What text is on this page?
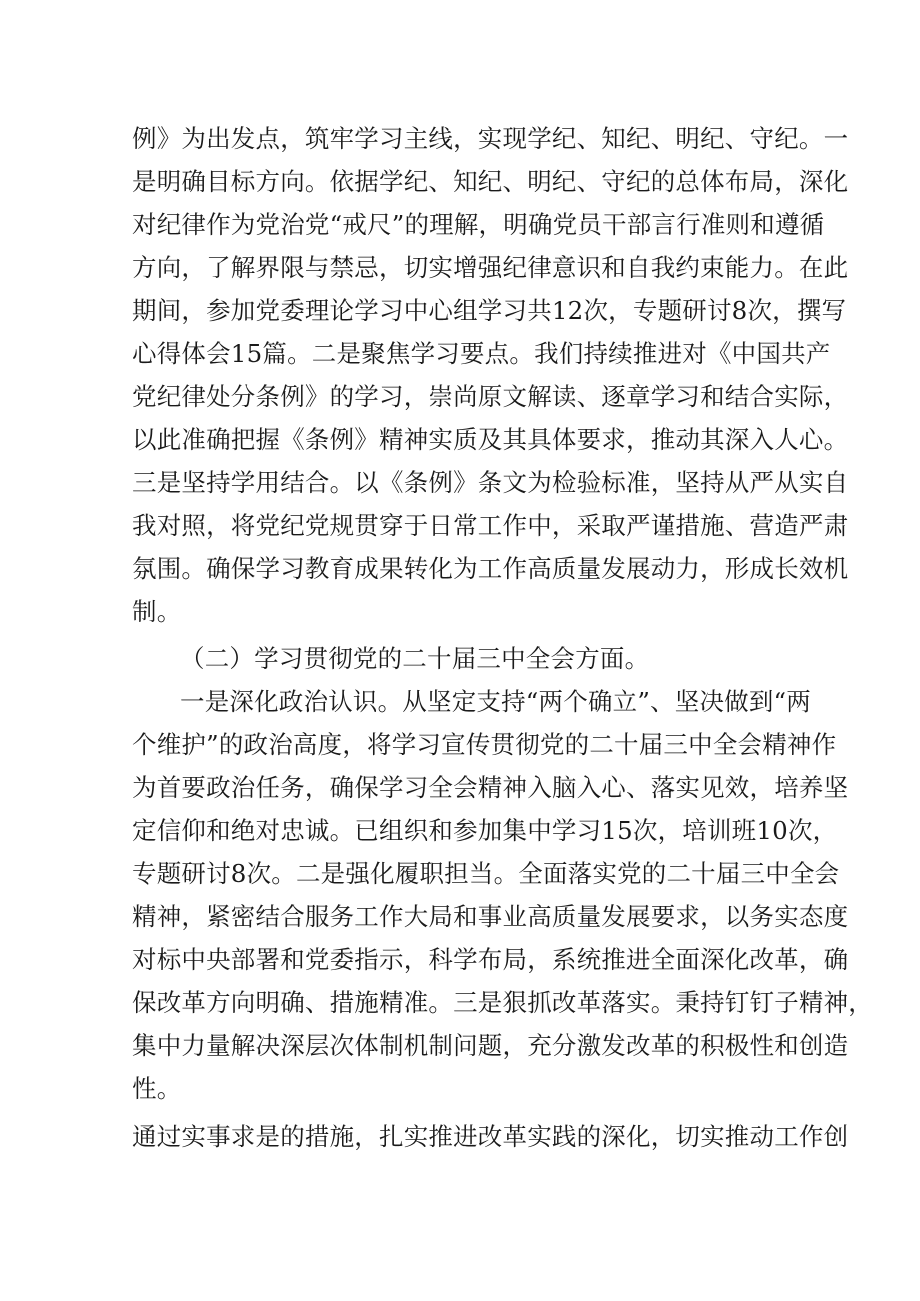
例》为出发点，筑牢学习主线，实现学纪、知纪、明纪、守纪。一
是明确目标方向。依据学纪、知纪、明纪、守纪的总体布局，深化
对纪律作为党治党“戒尺”的理解，明确党员干部言行准则和遵循
方向，了解界限与禁忌，切实增强纪律意识和自我约束能力。在此
期间，参加党委理论学习中心组学习共12次，专题研讨8次，撰写
心得体会15篇。二是聚焦学习要点。我们持续推进对《中国共产
党纪律处分条例》的学习，崇尚原文解读、逐章学习和结合实际，
以此准确把握《条例》精神实质及其具体要求，推动其深入人心。
三是坚持学用结合。以《条例》条文为检验标准，坚持从严从实自
我对照，将党纪党规贯穿于日常工作中，采取严谨措施、营造严肃
氛围。确保学习教育成果转化为工作高质量发展动力，形成长效机
制。
（二）学习贯彻党的二十届三中全会方面。
一是深化政治认识。从坚定支持“两个确立”、坚决做到“两
个维护”的政治高度，将学习宣传贯彻党的二十届三中全会精神作
为首要政治任务，确保学习全会精神入脑入心、落实见效，培养坚
定信仰和绝对忠诚。已组织和参加集中学习15次，培训班10次，
专题研讨8次。二是强化履职担当。全面落实党的二十届三中全会
精神，紧密结合服务工作大局和事业高质量发展要求，以务实态度
对标中央部署和党委指示，科学布局，系统推进全面深化改革，确
保改革方向明确、措施精准。三是狠抓改革落实。秉持钉钉子精神，
集中力量解决深层次体制机制问题，充分激发改革的积极性和创造
性。
通过实事求是的措施，扎实推进改革实践的深化，切实推动工作创
